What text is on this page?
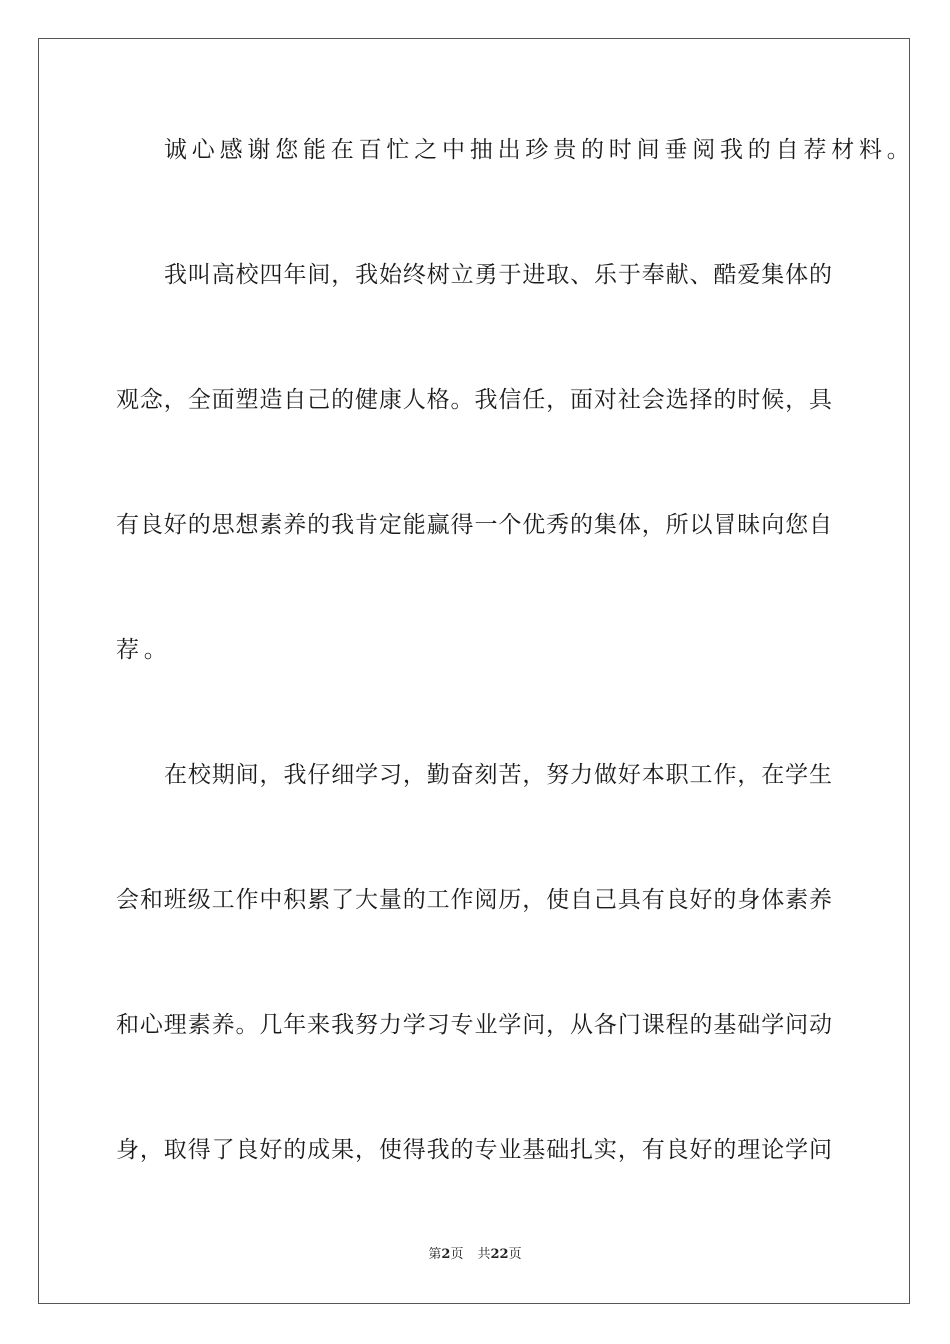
诚心感谢您能在百忙之中抽出珍贵的时间垂阅我的自荐材料。
我叫高校四年间，我始终树立勇于进取、乐于奉献、酷爱集体的
观念，全面塑造自己的健康人格。我信任，面对社会选择的时候，具
有良好的思想素养的我肯定能赢得一个优秀的集体，所以冒昧向您自
荐。
在校期间，我仔细学习，勤奋刻苦，努力做好本职工作，在学生
会和班级工作中积累了大量的工作阅历，使自己具有良好的身体素养
和心理素养。几年来我努力学习专业学问，从各门课程的基础学问动
身，取得了良好的成果，使得我的专业基础扎实，有良好的理论学问
第2页 共22页
